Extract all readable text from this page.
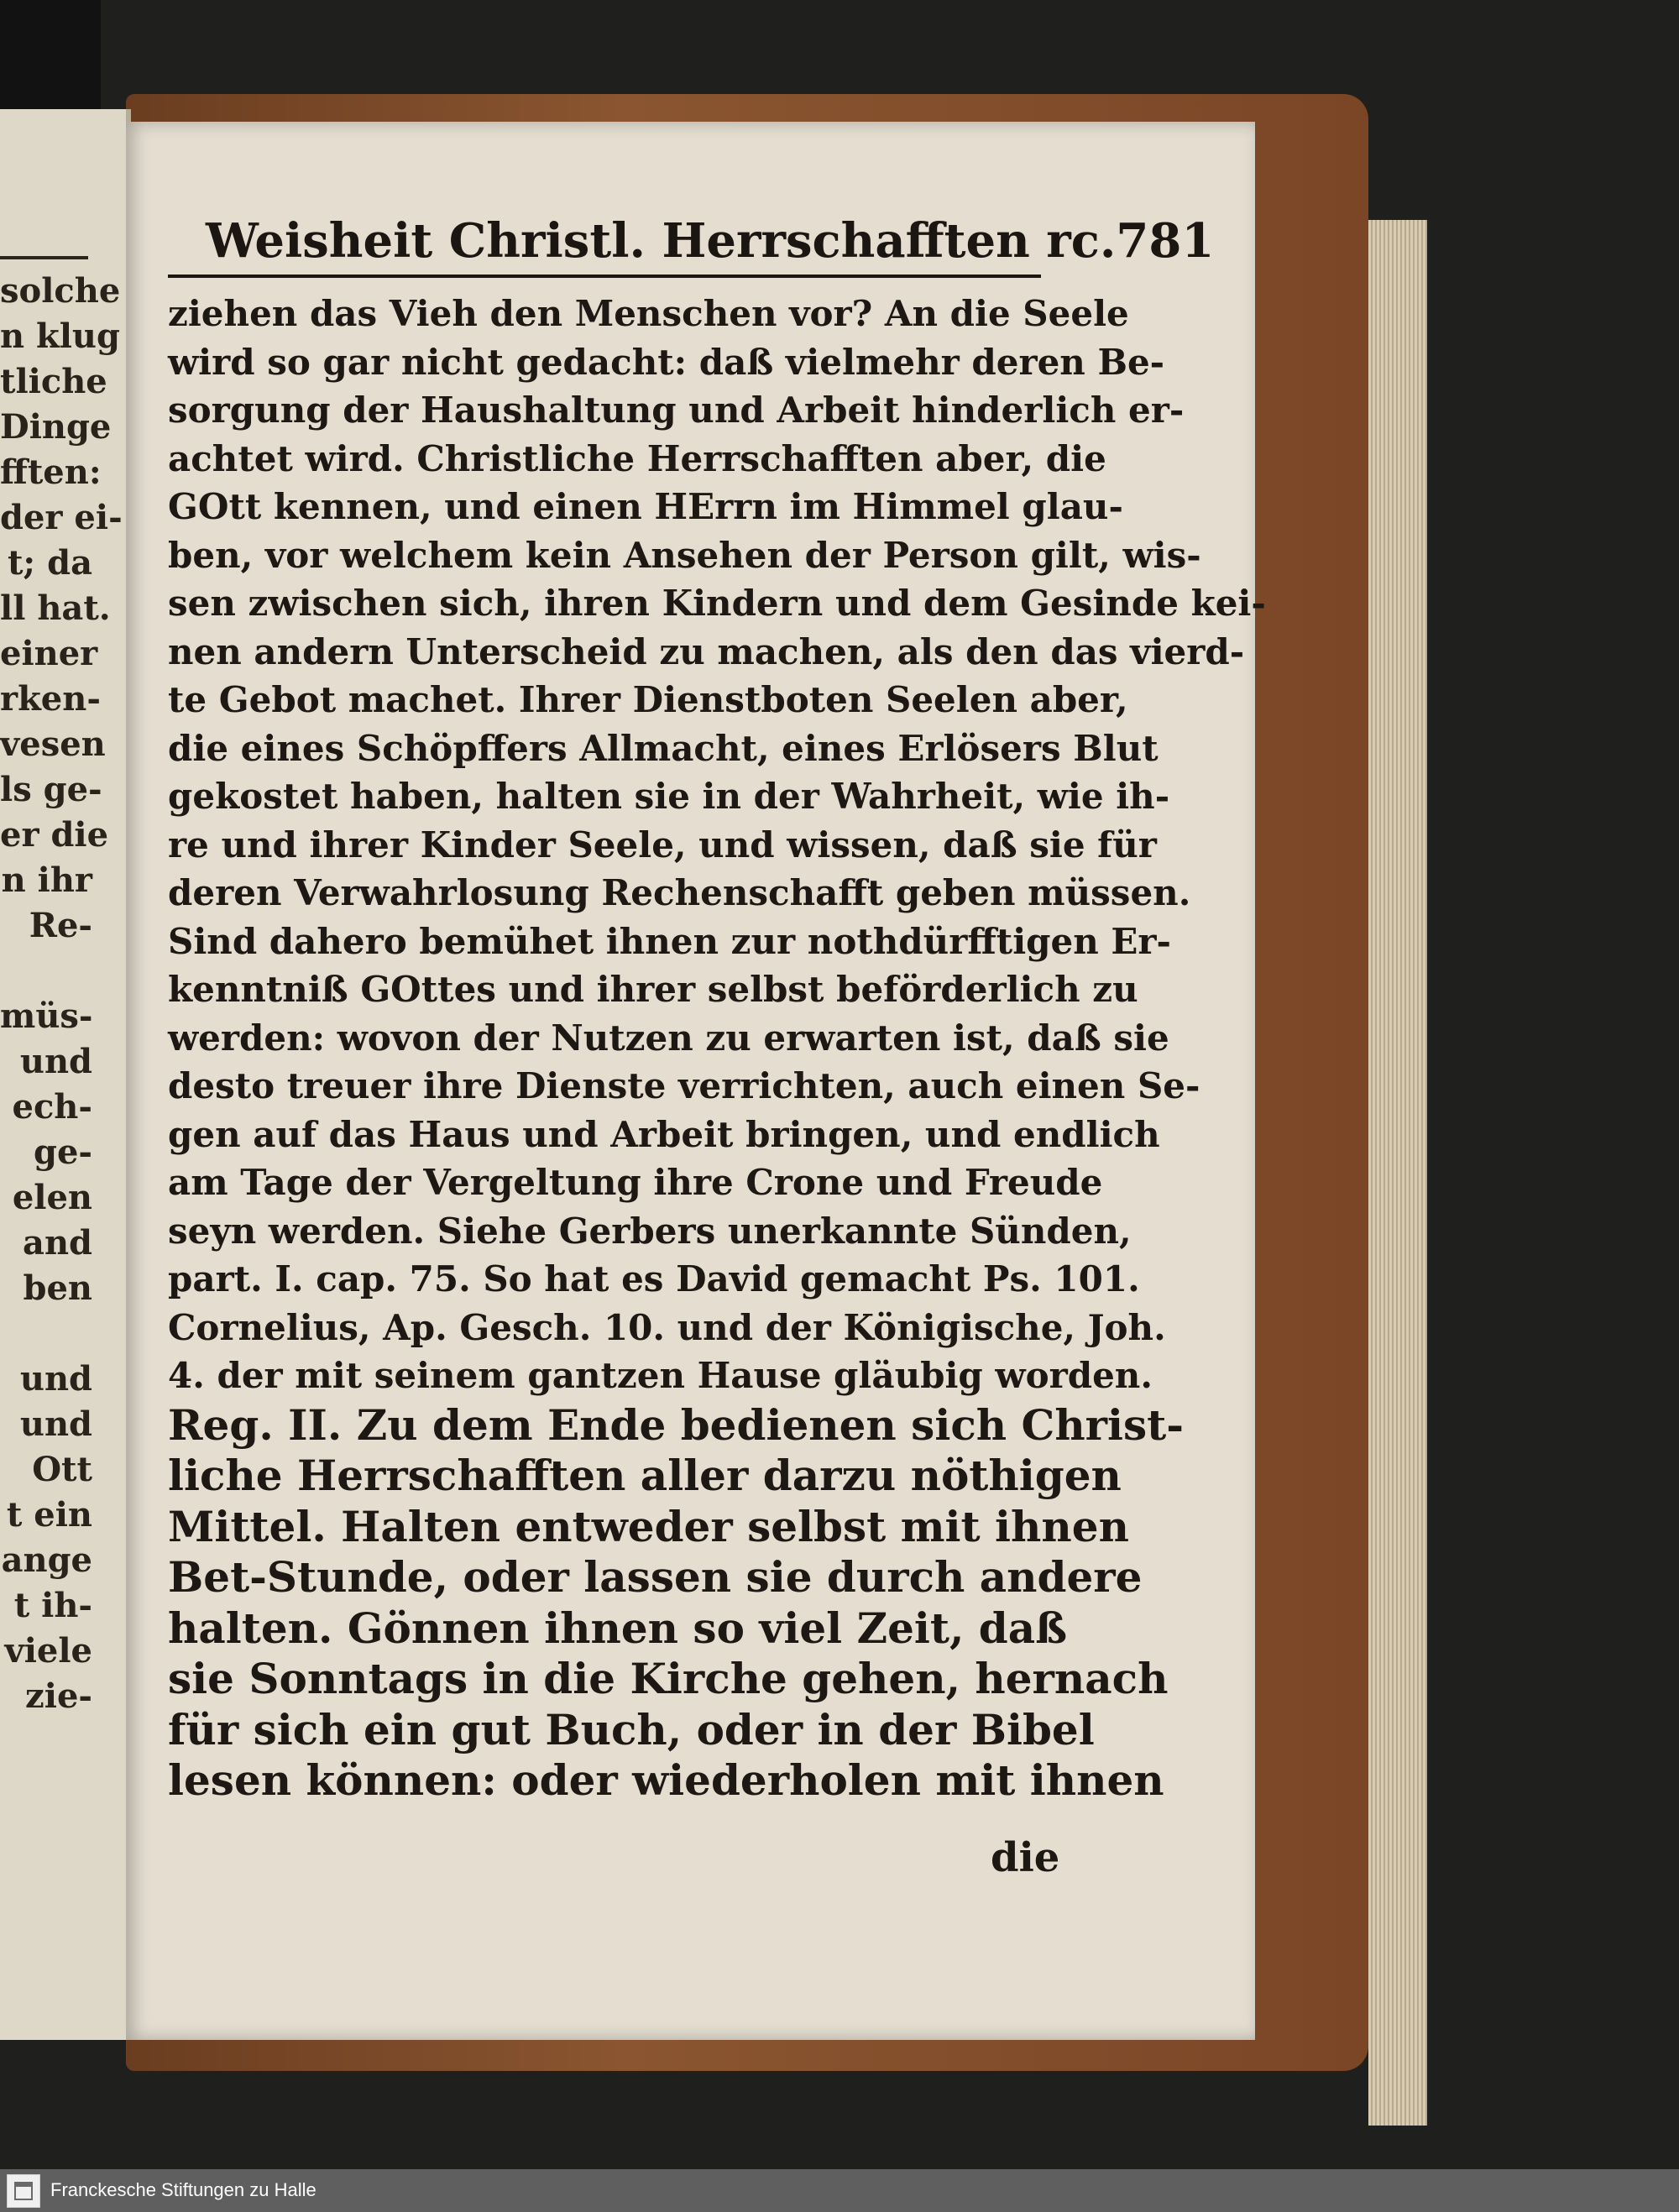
solche
n klug
tliche
Dinge
fften:
der ei-
t; da
ll hat.
einer
rken-
vesen
ls ge-
er die
n ihr
Re-
müs-
und
ech-
ge-
elen
and
ben
und
und
Ott
t ein
ange
t ih-
viele
zie-
Weisheit Christl. Herrschafften rc. 781
ziehen das Vieh den Menschen vor? An die Seele
wird so gar nicht gedacht: daß vielmehr deren Be-
sorgung der Haushaltung und Arbeit hinderlich er-
achtet wird. Christliche Herrschafften aber, die
GOtt kennen, und einen HErrn im Himmel glau-
ben, vor welchem kein Ansehen der Person gilt, wis-
sen zwischen sich, ihren Kindern und dem Gesinde kei-
nen andern Unterscheid zu machen, als den das vierd-
te Gebot machet. Ihrer Dienstboten Seelen aber,
die eines Schöpffers Allmacht, eines Erlösers Blut
gekostet haben, halten sie in der Wahrheit, wie ih-
re und ihrer Kinder Seele, und wissen, daß sie für
deren Verwahrlosung Rechenschafft geben müssen.
Sind dahero bemühet ihnen zur nothdürfftigen Er-
kenntniß GOttes und ihrer selbst beförderlich zu
werden: wovon der Nutzen zu erwarten ist, daß sie
desto treuer ihre Dienste verrichten, auch einen Se-
gen auf das Haus und Arbeit bringen, und endlich
am Tage der Vergeltung ihre Crone und Freude
seyn werden. Siehe Gerbers unerkannte Sünden,
part. I. cap. 75. So hat es David gemacht Ps. 101.
Cornelius, Ap. Gesch. 10. und der Königische, Joh.
4. der mit seinem gantzen Hause gläubig worden.
Reg. II. Zu dem Ende bedienen sich Christ-
liche Herrschafften aller darzu nöthigen
Mittel. Halten entweder selbst mit ihnen
Bet-Stunde, oder lassen sie durch andere
halten. Gönnen ihnen so viel Zeit, daß
sie Sonntags in die Kirche gehen, hernach
für sich ein gut Buch, oder in der Bibel
lesen können: oder wiederholen mit ihnen
die
Franckesche Stiftungen zu Halle
